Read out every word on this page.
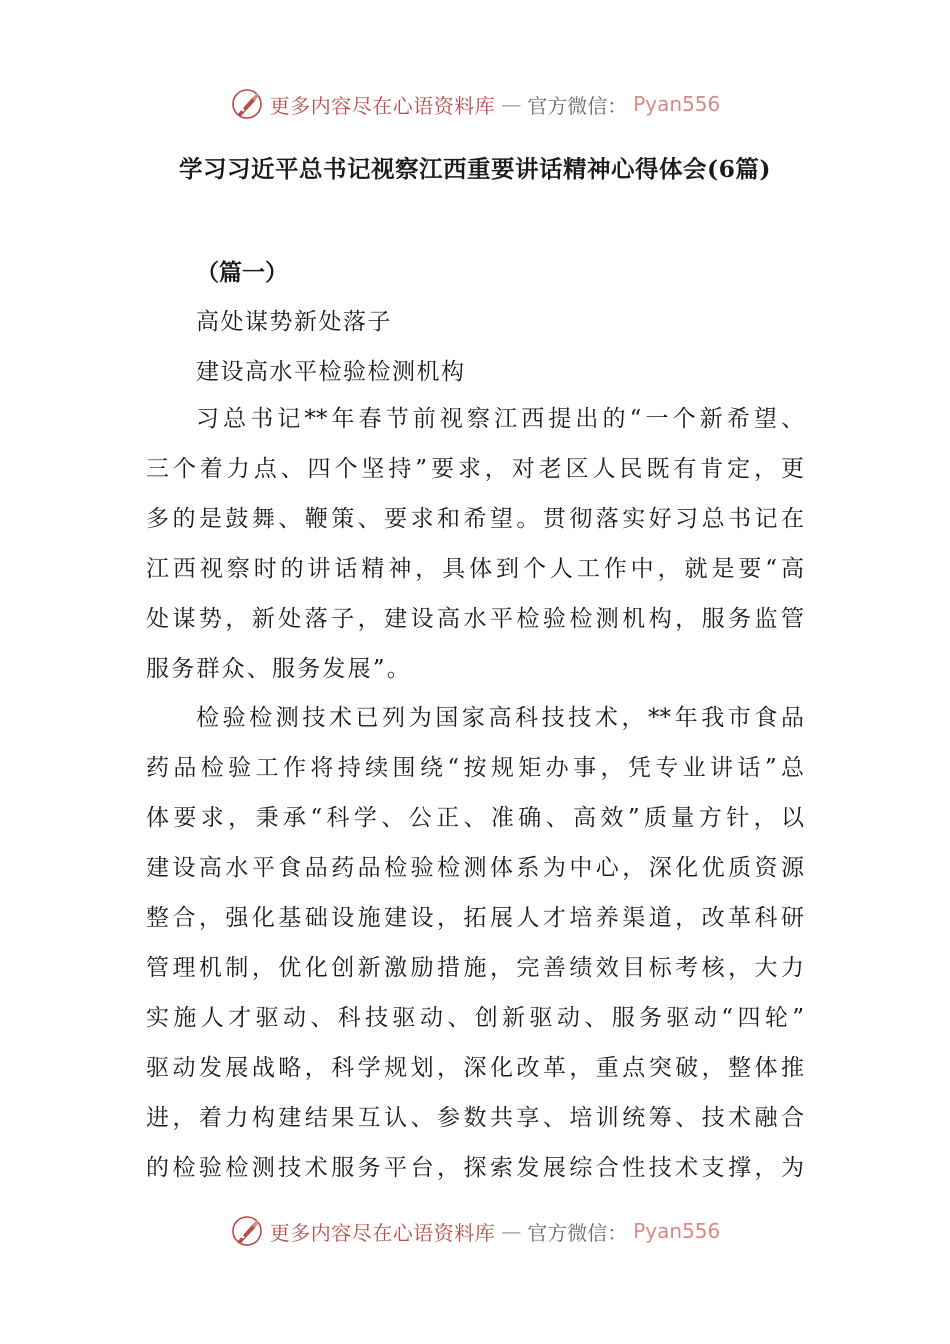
更多内容尽在心语资料库 — 官方微信： Pyan556
学习习近平总书记视察江西重要讲话精神心得体会(6篇)
（篇一）
高处谋势新处落子
建设高水平检验检测机构
习总书记**年春节前视察江西提出的“一个新希望、
三个着力点、四个坚持”要求，对老区人民既有肯定，更
多的是鼓舞、鞭策、要求和希望。贯彻落实好习总书记在
江西视察时的讲话精神，具体到个人工作中，就是要“高
处谋势，新处落子，建设高水平检验检测机构，服务监管
服务群众、服务发展”。
检验检测技术已列为国家高科技技术，**年我市食品
药品检验工作将持续围绕“按规矩办事，凭专业讲话”总
体要求，秉承“科学、公正、准确、高效”质量方针，以
建设高水平食品药品检验检测体系为中心，深化优质资源
整合，强化基础设施建设，拓展人才培养渠道，改革科研
管理机制，优化创新激励措施，完善绩效目标考核，大力
实施人才驱动、科技驱动、创新驱动、服务驱动“四轮”
驱动发展战略，科学规划，深化改革，重点突破，整体推
进，着力构建结果互认、参数共享、培训统筹、技术融合
的检验检测技术服务平台，探索发展综合性技术支撑，为
更多内容尽在心语资料库 — 官方微信： Pyan556
